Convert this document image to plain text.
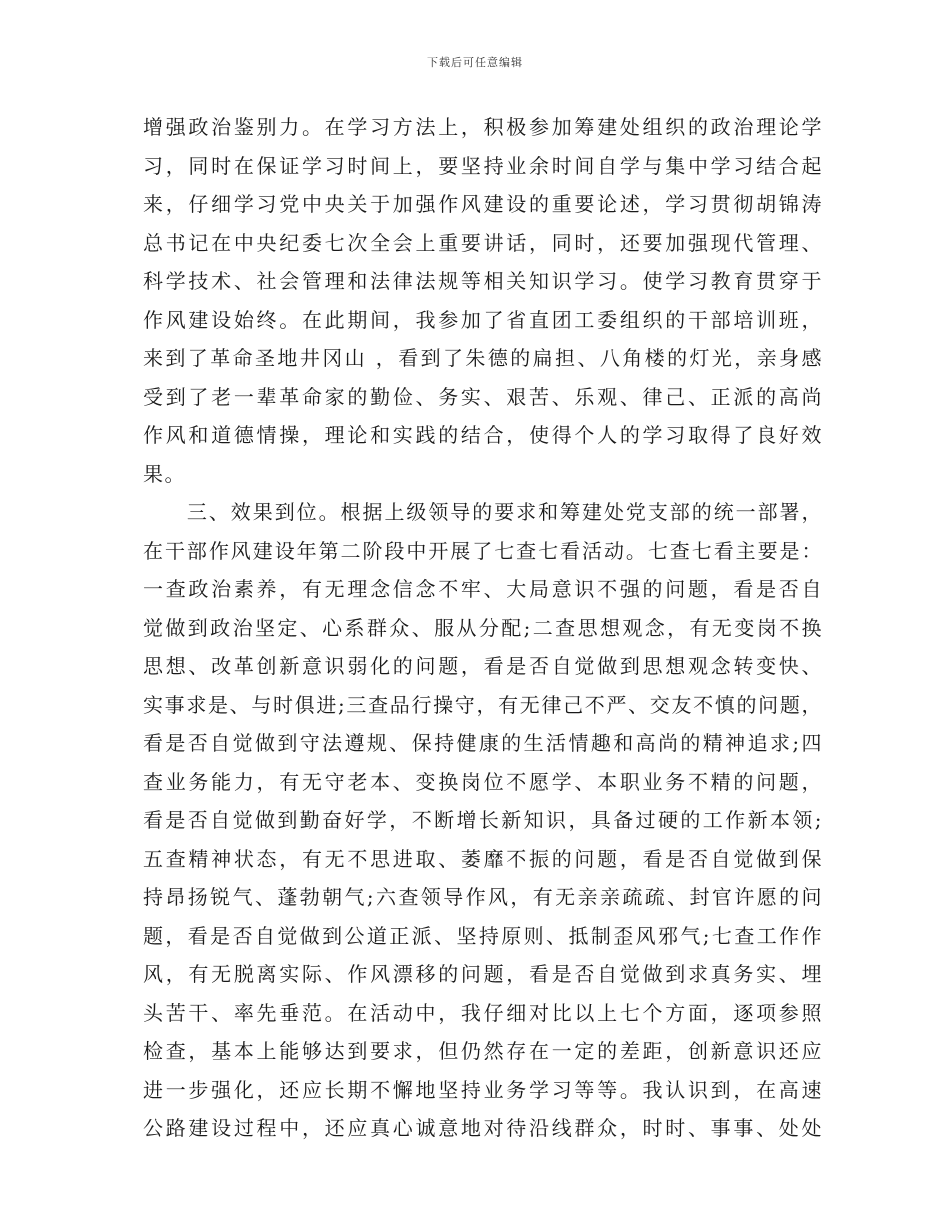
下载后可任意编辑
增强政治鉴别力。在学习方法上，积极参加筹建处组织的政治理论学
习，同时在保证学习时间上，要坚持业余时间自学与集中学习结合起
来，仔细学习党中央关于加强作风建设的重要论述，学习贯彻胡锦涛
总书记在中央纪委七次全会上重要讲话，同时，还要加强现代管理、
科学技术、社会管理和法律法规等相关知识学习。使学习教育贯穿于
作风建设始终。在此期间，我参加了省直团工委组织的干部培训班，
来到了革命圣地井冈山 ，看到了朱德的扁担、八角楼的灯光，亲身感
受到了老一辈革命家的勤俭、务实、艰苦、乐观、律己、正派的高尚
作风和道德情操，理论和实践的结合，使得个人的学习取得了良好效
果。
　　三、效果到位。根据上级领导的要求和筹建处党支部的统一部署，
在干部作风建设年第二阶段中开展了七查七看活动。七查七看主要是：
一查政治素养，有无理念信念不牢、大局意识不强的问题，看是否自
觉做到政治坚定、心系群众、服从分配;二查思想观念，有无变岗不换
思想、改革创新意识弱化的问题，看是否自觉做到思想观念转变快、
实事求是、与时俱进;三查品行操守，有无律己不严、交友不慎的问题，
看是否自觉做到守法遵规、保持健康的生活情趣和高尚的精神追求;四
查业务能力，有无守老本、变换岗位不愿学、本职业务不精的问题，
看是否自觉做到勤奋好学，不断增长新知识，具备过硬的工作新本领;
五查精神状态，有无不思进取、萎靡不振的问题，看是否自觉做到保
持昂扬锐气、蓬勃朝气;六查领导作风，有无亲亲疏疏、封官许愿的问
题，看是否自觉做到公道正派、坚持原则、抵制歪风邪气;七查工作作
风，有无脱离实际、作风漂移的问题，看是否自觉做到求真务实、埋
头苦干、率先垂范。在活动中，我仔细对比以上七个方面，逐项参照
检查，基本上能够达到要求，但仍然存在一定的差距，创新意识还应
进一步强化，还应长期不懈地坚持业务学习等等。我认识到，在高速
公路建设过程中，还应真心诚意地对待沿线群众，时时、事事、处处
